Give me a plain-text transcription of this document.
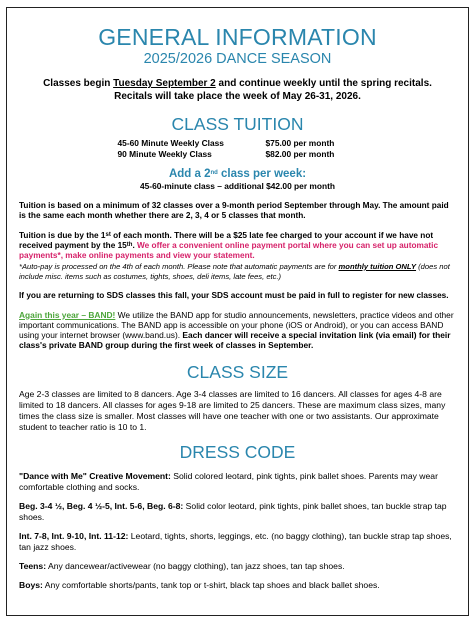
GENERAL INFORMATION
2025/2026 DANCE SEASON
Classes begin Tuesday September 2 and continue weekly until the spring recitals.
Recitals will take place the week of May 26-31, 2026.
CLASS TUITION
45-60 Minute Weekly Class	$75.00 per month
90 Minute Weekly Class	$82.00 per month
Add a 2nd class per week:
45-60-minute class – additional $42.00 per month
Tuition is based on a minimum of 32 classes over a 9-month period September through May. The amount paid is the same each month whether there are 2, 3, 4 or 5 classes that month.
Tuition is due by the 1st of each month. There will be a $25 late fee charged to your account if we have not received payment by the 15th. We offer a convenient online payment portal where you can set up automatic payments*, make online payments and view your statement.
*Auto-pay is processed on the 4th of each month. Please note that automatic payments are for monthly tuition ONLY (does not include misc. items such as costumes, tights, shoes, deli items, late fees, etc.)
If you are returning to SDS classes this fall, your SDS account must be paid in full to register for new classes.
Again this year – BAND! We utilize the BAND app for studio announcements, newsletters, practice videos and other important communications. The BAND app is accessible on your phone (iOS or Android), or you can access BAND using your internet browser (www.band.us). Each dancer will receive a special invitation link (via email) for their class's private BAND group during the first week of classes in September.
CLASS SIZE
Age 2-3 classes are limited to 8 dancers. Age 3-4 classes are limited to 16 dancers. All classes for ages 4-8 are limited to 18 dancers. All classes for ages 9-18 are limited to 25 dancers. These are maximum class sizes, many times the class size is smaller. Most classes will have one teacher with one or two assistants. Our approximate student to teacher ratio is 10 to 1.
DRESS CODE
"Dance with Me" Creative Movement: Solid colored leotard, pink tights, pink ballet shoes. Parents may wear comfortable clothing and socks.
Beg. 3-4 ½, Beg. 4 ½-5, Int. 5-6, Beg. 6-8: Solid color leotard, pink tights, pink ballet shoes, tan buckle strap tap shoes.
Int. 7-8, Int. 9-10, Int. 11-12: Leotard, tights, shorts, leggings, etc. (no baggy clothing), tan buckle strap tap shoes, tan jazz shoes.
Teens: Any dancewear/activewear (no baggy clothing), tan jazz shoes, tan tap shoes.
Boys: Any comfortable shorts/pants, tank top or t-shirt, black tap shoes and black ballet shoes.
